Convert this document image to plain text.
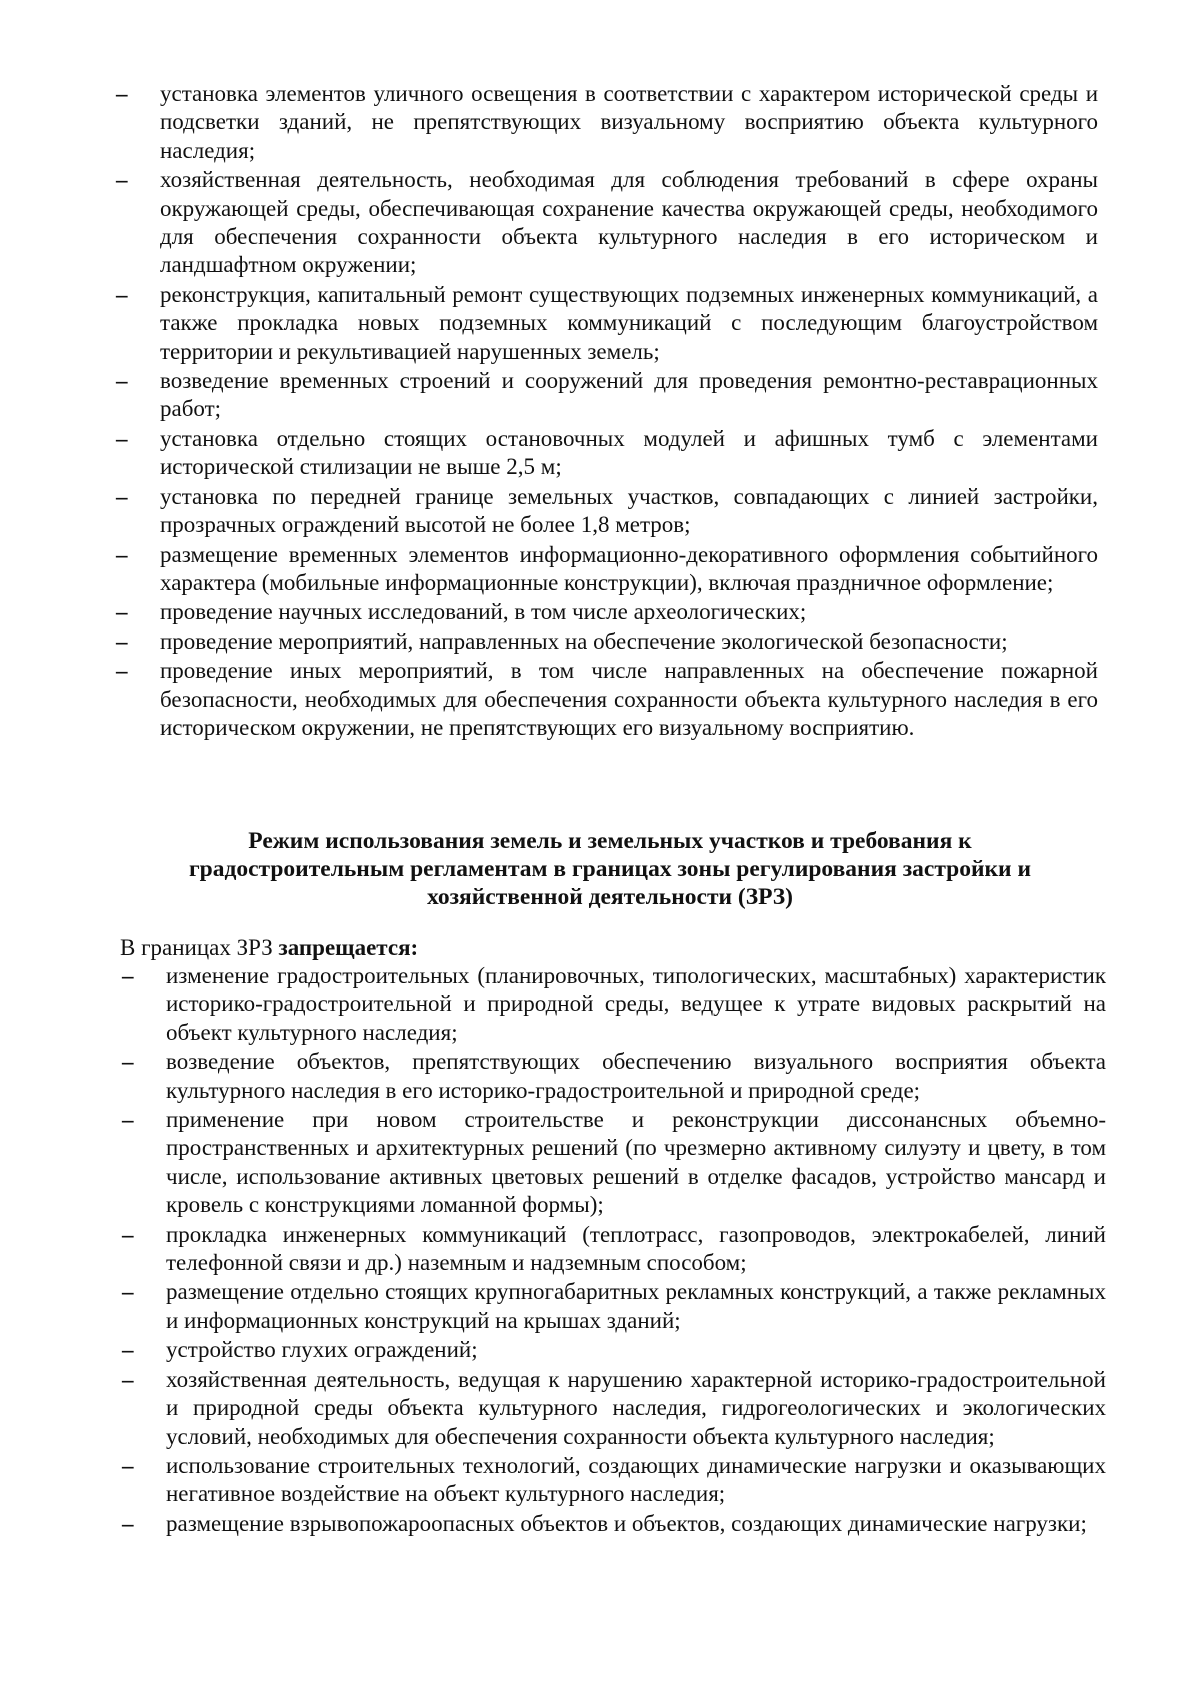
– установка элементов уличного освещения в соответствии с характером исторической среды и подсветки зданий, не препятствующих визуальному восприятию объекта культурного наследия;
– хозяйственная деятельность, необходимая для соблюдения требований в сфере охраны окружающей среды, обеспечивающая сохранение качества окружающей среды, необходимого для обеспечения сохранности объекта культурного наследия в его историческом и ландшафтном окружении;
– реконструкция, капитальный ремонт существующих подземных инженерных коммуникаций, а также прокладка новых подземных коммуникаций с последующим благоустройством территории и рекультивацией нарушенных земель;
– возведение временных строений и сооружений для проведения ремонтно-реставрационных работ;
– установка отдельно стоящих остановочных модулей и афишных тумб с элементами исторической стилизации не выше 2,5 м;
– установка по передней границе земельных участков, совпадающих с линией застройки, прозрачных ограждений высотой не более 1,8 метров;
– размещение временных элементов информационно-декоративного оформления событийного характера (мобильные информационные конструкции), включая праздничное оформление;
– проведение научных исследований, в том числе археологических;
– проведение мероприятий, направленных на обеспечение экологической безопасности;
– проведение иных мероприятий, в том числе направленных на обеспечение пожарной безопасности, необходимых для обеспечения сохранности объекта культурного наследия в его историческом окружении, не препятствующих его визуальному восприятию.
Режим использования земель и земельных участков и требования к
градостроительным регламентам в границах зоны регулирования застройки и
хозяйственной деятельности (ЗРЗ)

В границах ЗРЗ запрещается:

– изменение градостроительных (планировочных, типологических, масштабных) характеристик историко-градостроительной и природной среды, ведущее к утрате видовых раскрытий на объект культурного наследия;
– возведение объектов, препятствующих обеспечению визуального восприятия объекта культурного наследия в его историко-градостроительной и природной среде;
– применение при новом строительстве и реконструкции диссонансных объемно-пространственных и архитектурных решений (по чрезмерно активному силуэту и цвету, в том числе, использование активных цветовых решений в отделке фасадов, устройство мансард и кровель с конструкциями ломанной формы);
– прокладка инженерных коммуникаций (теплотрасс, газопроводов, электрокабелей, линий телефонной связи и др.) наземным и надземным способом;
– размещение отдельно стоящих крупногабаритных рекламных конструкций, а также рекламных и информационных конструкций на крышах зданий;
– устройство глухих ограждений;
– хозяйственная деятельность, ведущая к нарушению характерной историко-градостроительной и природной среды объекта культурного наследия, гидрогеологических и экологических условий, необходимых для обеспечения сохранности объекта культурного наследия;
– использование строительных технологий, создающих динамические нагрузки и оказывающих негативное воздействие на объект культурного наследия;
– размещение взрывопожароопасных объектов и объектов, создающих динамические нагрузки;
